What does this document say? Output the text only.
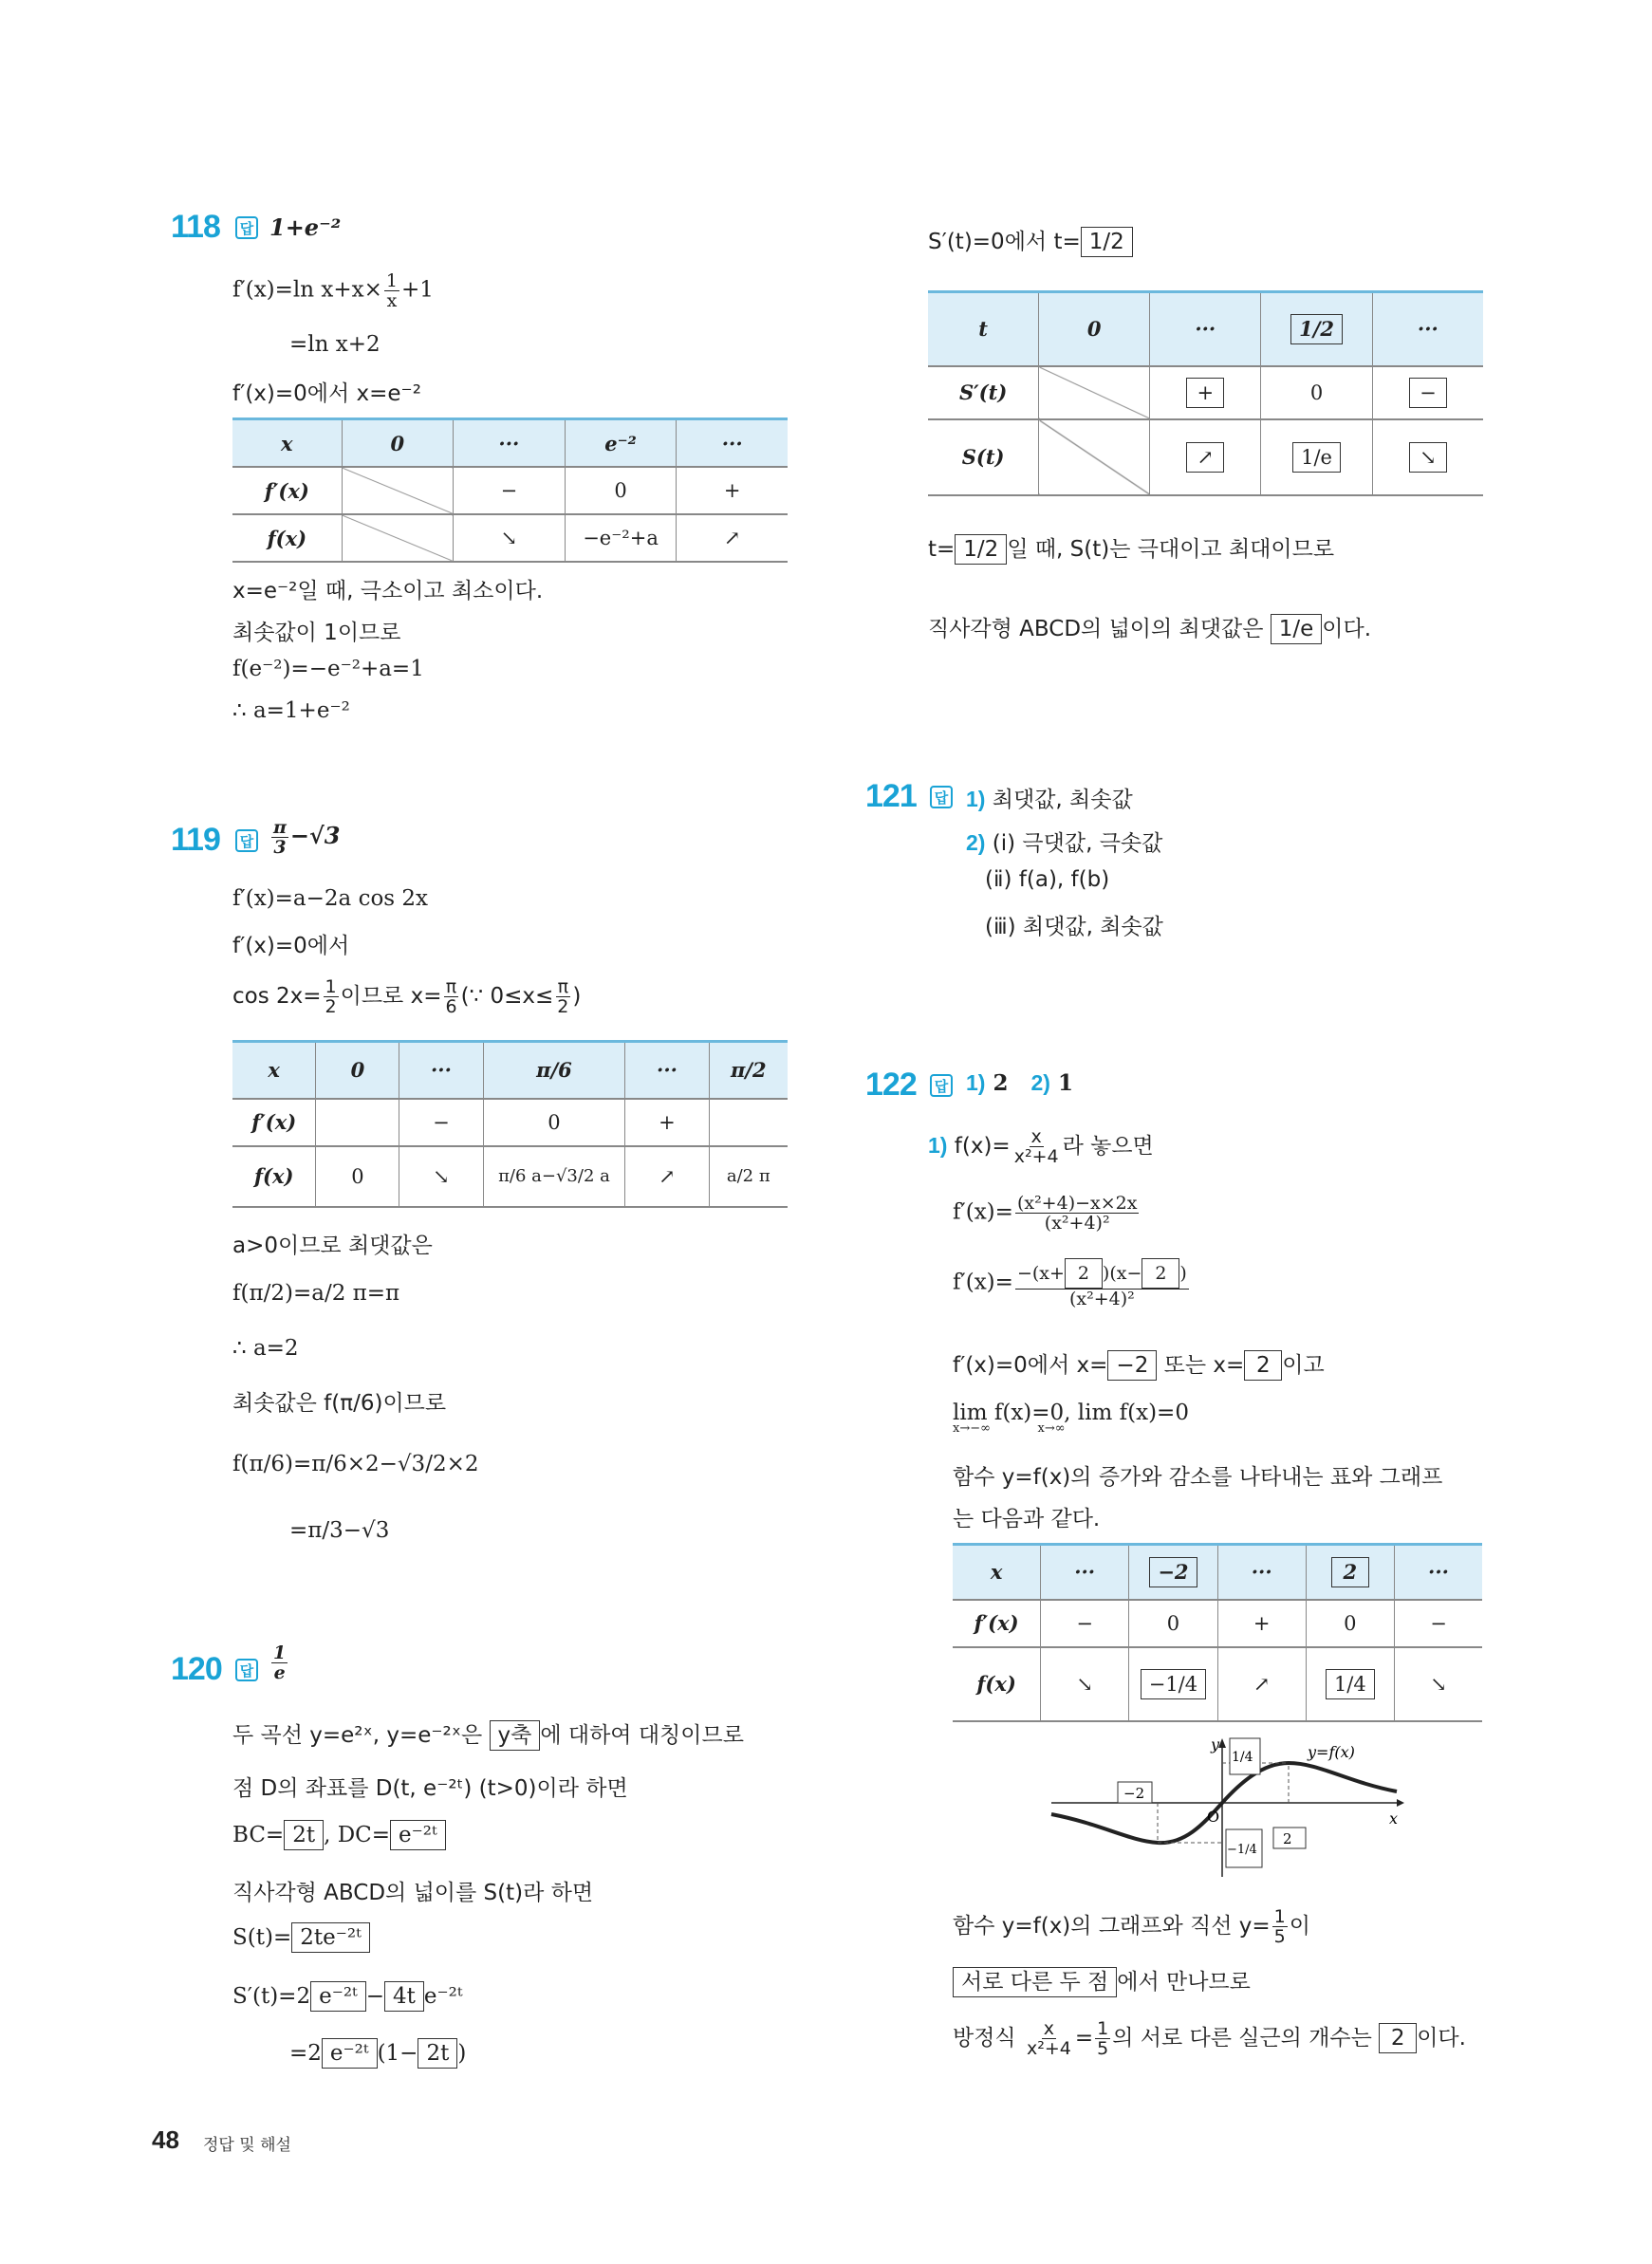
118	답 1+e⁻²
f′(x)=ln $x+x\times \frac{1}{x} +1$
=ln x+2
f′(x)=0에서 x=e⁻²
x	0	···	e⁻²	···
f′(x)		−	0	+
f(x)		↘	−e⁻²+a	↗
x=e⁻²일 때, 극소이고 최소이다.
최솟값이 1이므로
f(e⁻²)=−e⁻²+a=1
∴ a=1+e⁻²
119	답 $\frac{\pi}{3} -√3$
f′(x)=a−2a cos 2x
f′(x)=0에서
$\cos 2x= \frac{1}{2}$ 이므로 $x= \frac{\pi}{6}$ (∵ $0\le x\le \frac{\pi}{2}$ )
x	0	···	π/6	···	π/2
f′(x)		−	0	+	
f(x)	0	↘	π/6 a−√3/2 a	↗	a/2 π
a>0이므로 최댓값은
f(π/2)=a/2 π=π
∴ a=2
최솟값은 f(π/6)이므로
f(π/6)=π/6×2−√3/2×2
=π/3−√3
120	답 $\frac{1}{e}$
두 곡선 y=e²ˣ, y=e⁻²ˣ은 y축 에 대하여 대칭이므로
점 D의 좌표를 D(t, e⁻²ᵗ) (t>0)이라 하면
BC= 2t , DC= e⁻²ᵗ
직사각형 ABCD의 넓이를 S(t)라 하면
S(t)= 2te⁻²ᵗ
S′(t)=2 e⁻²ᵗ − 4t e⁻²ᵗ
=2 e⁻²ᵗ (1− 2t )
S′(t)=0에서 t= 1/2
t	0	···	1/2	···
S′(t)		+	0	−
S(t)		↗	1/e	↘
t= 1/2 일 때, S(t)는 극대이고 최대이므로
직사각형 ABCD의 넓이의 최댓값은 1/e 이다.
121	답 1) 최댓값, 최솟값
2) (ⅰ) 극댓값, 극솟값
(ⅱ) f(a), f(b)
(ⅲ) 최댓값, 최솟값
122	답 1) 2 2) 1
1) $f(x)= \frac{x}{\text{x²+4}}$ 라 놓으면
$f'(x)= \frac{\text{(x²+4)−x×2x}}{\text{(x²+4)²}}$
$f'(x)= \frac{-(x+ 2 )(x- 2 )}{\text{(x²+4)²}}$
f′(x)=0에서 x= −2 또는 x= 2 이고
lim f(x)=0, lim f(x)=0
x→−∞	x→∞
함수 y=f(x)의 증가와 감소를 나타내는 표와 그래프
는 다음과 같다.
x	···	−2	···	2	···
f′(x)	−	0	+	0	−
f(x)	↘	−1/4	↗	1/4	↘
y
x
O
y=f(x)
−2
2
1/4
−1/4
함수 y=f(x)의 그래프와 직선 $y= \frac{1}{5}$ 이
서로 다른 두 점 에서 만나므로
방정식 $\frac{x}{\text{x²+4}} = \frac{1}{5}$ 의 서로 다른 실근의 개수는 2 이다.
48 정답 및 해설
